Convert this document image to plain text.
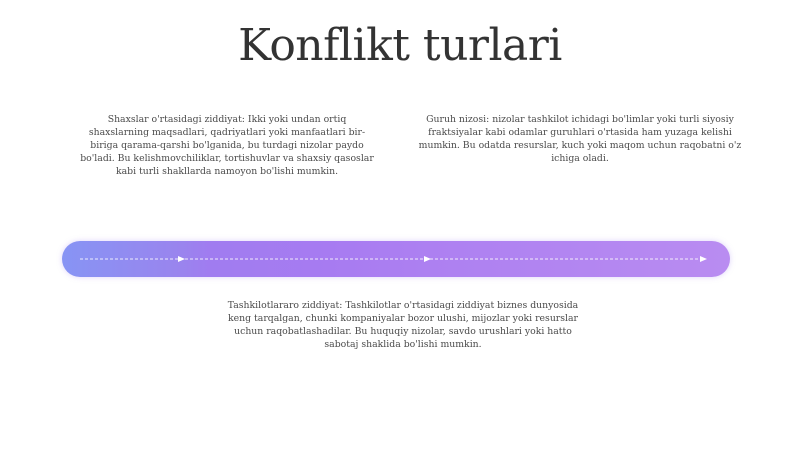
Konflikt turlari

Shaxslar o'rtasidagi ziddiyat: Ikki yoki undan ortiq shaxslarning maqsadlari, qadriyatlari yoki manfaatlari bir-biriga qarama-qarshi bo'lganida, bu turdagi nizolar paydo bo'ladi. Bu kelishmovchiliklar, tortishuvlar va shaxsiy qasoslar kabi turli shakllarda namoyon bo'lishi mumkin.

Guruh nizosi: nizolar tashkilot ichidagi bo'limlar yoki turli siyosiy fraktsiyalar kabi odamlar guruhlari o'rtasida ham yuzaga kelishi mumkin. Bu odatda resurslar, kuch yoki maqom uchun raqobatni o'z ichiga oladi.

Tashkilotlararo ziddiyat: Tashkilotlar o'rtasidagi ziddiyat biznes dunyosida keng tarqalgan, chunki kompaniyalar bozor ulushi, mijozlar yoki resurslar uchun raqobatlashadilar. Bu huquqiy nizolar, savdo urushlari yoki hatto sabotaj shaklida bo'lishi mumkin.
